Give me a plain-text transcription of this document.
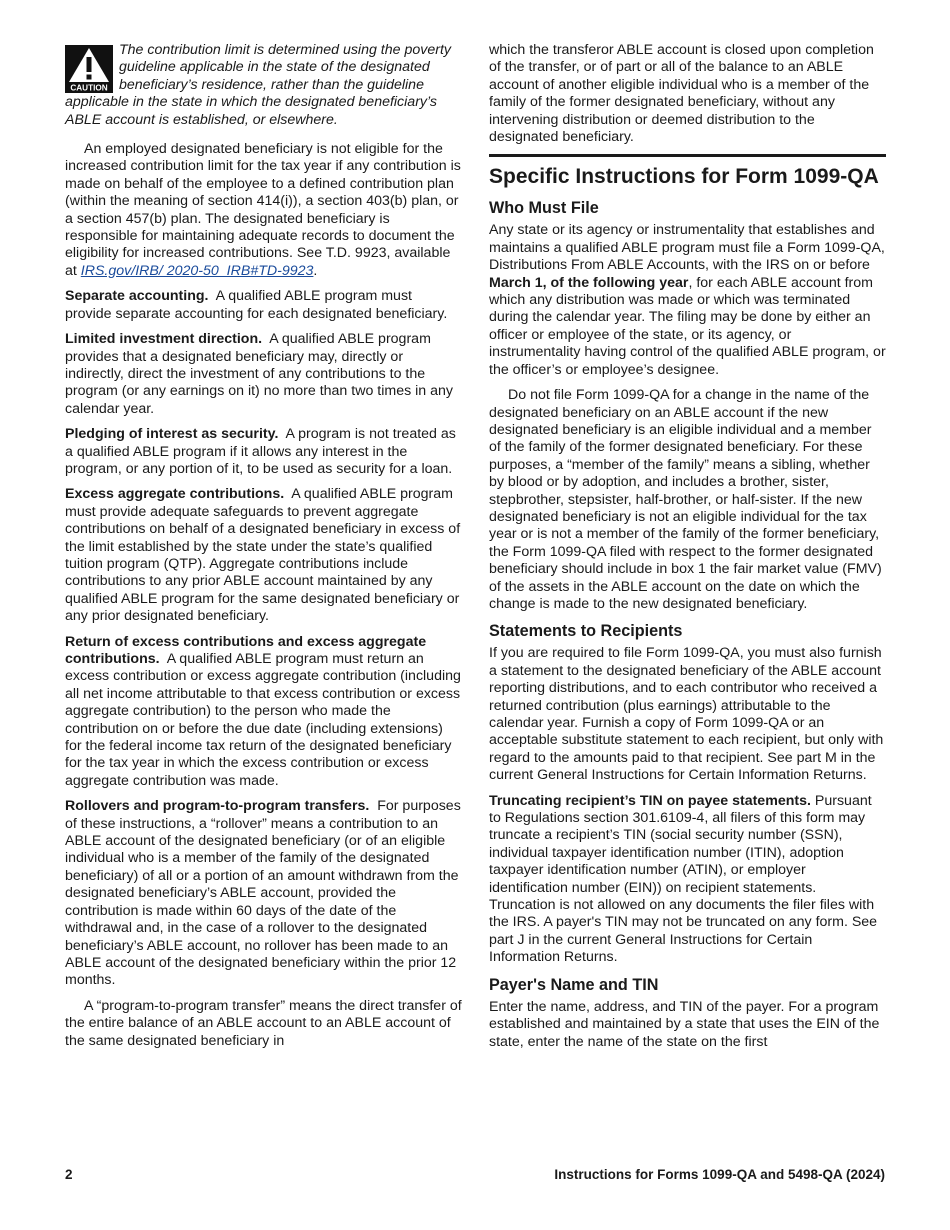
CAUTION

The contribution limit is determined using the poverty guideline applicable in the state of the designated beneficiary’s residence, rather than the guideline applicable in the state in which the designated beneficiary’s ABLE account is established, or elsewhere.

An employed designated beneficiary is not eligible for the increased contribution limit for the tax year if any contribution is made on behalf of the employee to a defined contribution plan (within the meaning of section 414(i)), a section 403(b) plan, or a section 457(b) plan. The designated beneficiary is responsible for maintaining adequate records to document the eligibility for increased contributions. See T.D. 9923, available at IRS.gov/IRB/ 2020-50_IRB#TD-9923.

Separate accounting. A qualified ABLE program must provide separate accounting for each designated beneficiary.

Limited investment direction. A qualified ABLE program provides that a designated beneficiary may, directly or indirectly, direct the investment of any contributions to the program (or any earnings on it) no more than two times in any calendar year.

Pledging of interest as security. A program is not treated as a qualified ABLE program if it allows any interest in the program, or any portion of it, to be used as security for a loan.

Excess aggregate contributions. A qualified ABLE program must provide adequate safeguards to prevent aggregate contributions on behalf of a designated beneficiary in excess of the limit established by the state under the state’s qualified tuition program (QTP). Aggregate contributions include contributions to any prior ABLE account maintained by any qualified ABLE program for the same designated beneficiary or any prior designated beneficiary.

Return of excess contributions and excess aggregate contributions. A qualified ABLE program must return an excess contribution or excess aggregate contribution (including all net income attributable to that excess contribution or excess aggregate contribution) to the person who made the contribution on or before the due date (including extensions) for the federal income tax return of the designated beneficiary for the tax year in which the excess contribution or excess aggregate contribution was made.

Rollovers and program-to-program transfers. For purposes of these instructions, a “rollover” means a contribution to an ABLE account of the designated beneficiary (or of an eligible individual who is a member of the family of the designated beneficiary) of all or a portion of an amount withdrawn from the designated beneficiary’s ABLE account, provided the contribution is made within 60 days of the date of the withdrawal and, in the case of a rollover to the designated beneficiary’s ABLE account, no rollover has been made to an ABLE account of the designated beneficiary within the prior 12 months.

A “program-to-program transfer” means the direct transfer of the entire balance of an ABLE account to an ABLE account of the same designated beneficiary in

which the transferor ABLE account is closed upon completion of the transfer, or of part or all of the balance to an ABLE account of another eligible individual who is a member of the family of the former designated beneficiary, without any intervening distribution or deemed distribution to the designated beneficiary.

Specific Instructions for Form 1099-QA
Who Must File

Any state or its agency or instrumentality that establishes and maintains a qualified ABLE program must file a Form 1099-QA, Distributions From ABLE Accounts, with the IRS on or before March 1, of the following year, for each ABLE account from which any distribution was made or which was terminated during the calendar year. The filing may be done by either an officer or employee of the state, or its agency, or instrumentality having control of the qualified ABLE program, or the officer’s or employee’s designee.

Do not file Form 1099-QA for a change in the name of the designated beneficiary on an ABLE account if the new designated beneficiary is an eligible individual and a member of the family of the former designated beneficiary. For these purposes, a “member of the family” means a sibling, whether by blood or by adoption, and includes a brother, sister, stepbrother, stepsister, half-brother, or half-sister. If the new designated beneficiary is not an eligible individual for the tax year or is not a member of the family of the former beneficiary, the Form 1099-QA filed with respect to the former designated beneficiary should include in box 1 the fair market value (FMV) of the assets in the ABLE account on the date on which the change is made to the new designated beneficiary.

Statements to Recipients

If you are required to file Form 1099-QA, you must also furnish a statement to the designated beneficiary of the ABLE account reporting distributions, and to each contributor who received a returned contribution (plus earnings) attributable to the calendar year. Furnish a copy of Form 1099-QA or an acceptable substitute statement to each recipient, but only with regard to the amounts paid to that recipient. See part M in the current General Instructions for Certain Information Returns.

Truncating recipient’s TIN on payee statements. Pursuant to Regulations section 301.6109-4, all filers of this form may truncate a recipient’s TIN (social security number (SSN), individual taxpayer identification number (ITIN), adoption taxpayer identification number (ATIN), or employer identification number (EIN)) on recipient statements. Truncation is not allowed on any documents the filer files with the IRS. A payer's TIN may not be truncated on any form. See part J in the current General Instructions for Certain Information Returns.

Payer's Name and TIN

Enter the name, address, and TIN of the payer. For a program established and maintained by a state that uses the EIN of the state, enter the name of the state on the first

2	Instructions for Forms 1099-QA and 5498-QA (2024)
